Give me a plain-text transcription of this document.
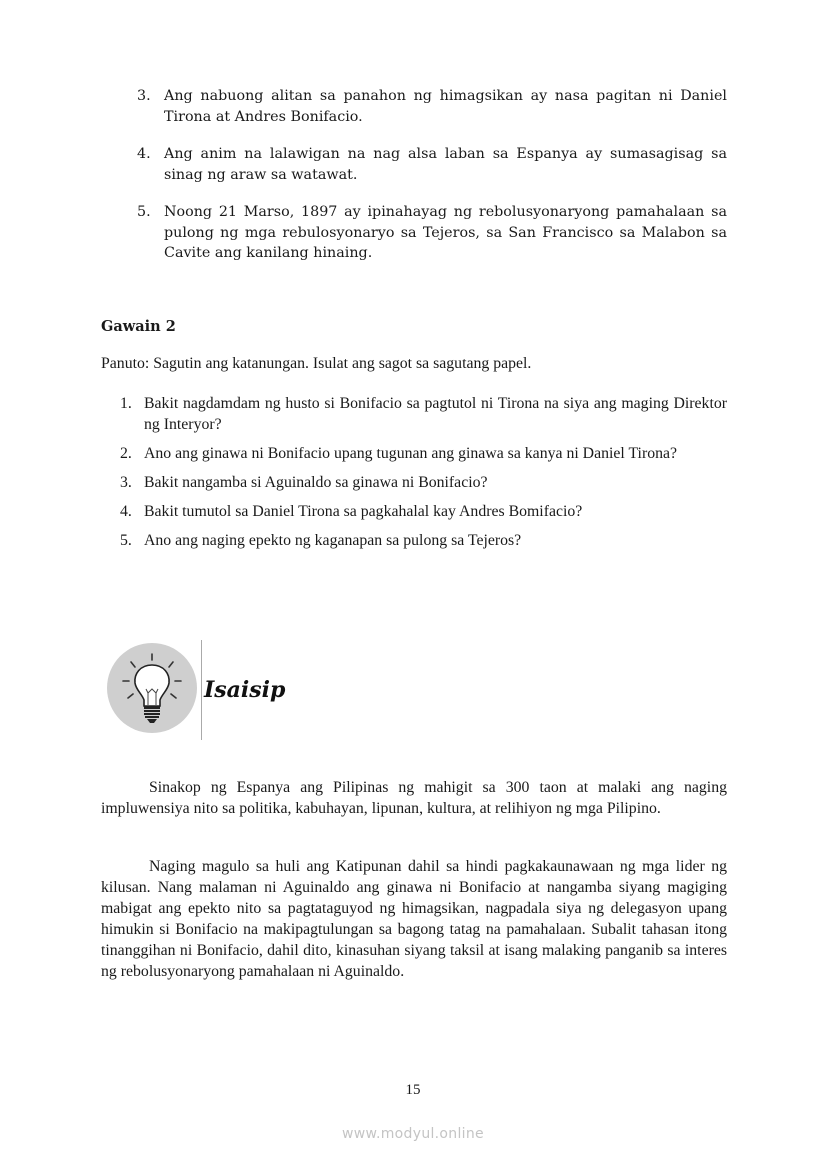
3. Ang nabuong alitan sa panahon ng himagsikan ay nasa pagitan ni Daniel Tirona at Andres Bonifacio.
4. Ang anim na lalawigan na nag alsa laban sa Espanya ay sumasagisag sa sinag ng araw sa watawat.
5. Noong 21 Marso, 1897 ay ipinahayag ng rebolusyonaryong pamahalaan sa pulong ng mga rebulosyonaryo sa Tejeros, sa San Francisco sa Malabon sa Cavite ang kanilang hinaing.
Gawain 2
Panuto: Sagutin ang katanungan. Isulat ang sagot sa sagutang papel.
1. Bakit nagdamdam ng husto si Bonifacio sa pagtutol ni Tirona na siya ang maging Direktor ng Interyor?
2. Ano ang ginawa ni Bonifacio upang tugunan ang ginawa sa kanya ni Daniel Tirona?
3. Bakit nangamba si Aguinaldo sa ginawa ni Bonifacio?
4. Bakit tumutol sa Daniel Tirona sa pagkahalal kay Andres Bomifacio?
5. Ano ang naging epekto ng kaganapan sa pulong sa Tejeros?
Isaisip

Sinakop ng Espanya ang Pilipinas ng mahigit sa 300 taon at malaki ang naging impluwensiya nito sa politika, kabuhayan, lipunan, kultura, at relihiyon ng mga Pilipino.

Naging magulo sa huli ang Katipunan dahil sa hindi pagkakaunawaan ng mga lider ng kilusan. Nang malaman ni Aguinaldo ang ginawa ni Bonifacio at nangamba siyang magiging mabigat ang epekto nito sa pagtataguyod ng himagsikan, nagpadala siya ng delegasyon upang himukin si Bonifacio na makipagtulungan sa bagong tatag na pamahalaan. Subalit tahasan itong tinanggihan ni Bonifacio, dahil dito, kinasuhan siyang taksil at isang malaking panganib sa interes ng rebolusyonaryong pamahalaan ni Aguinaldo.

15
www.modyul.online
